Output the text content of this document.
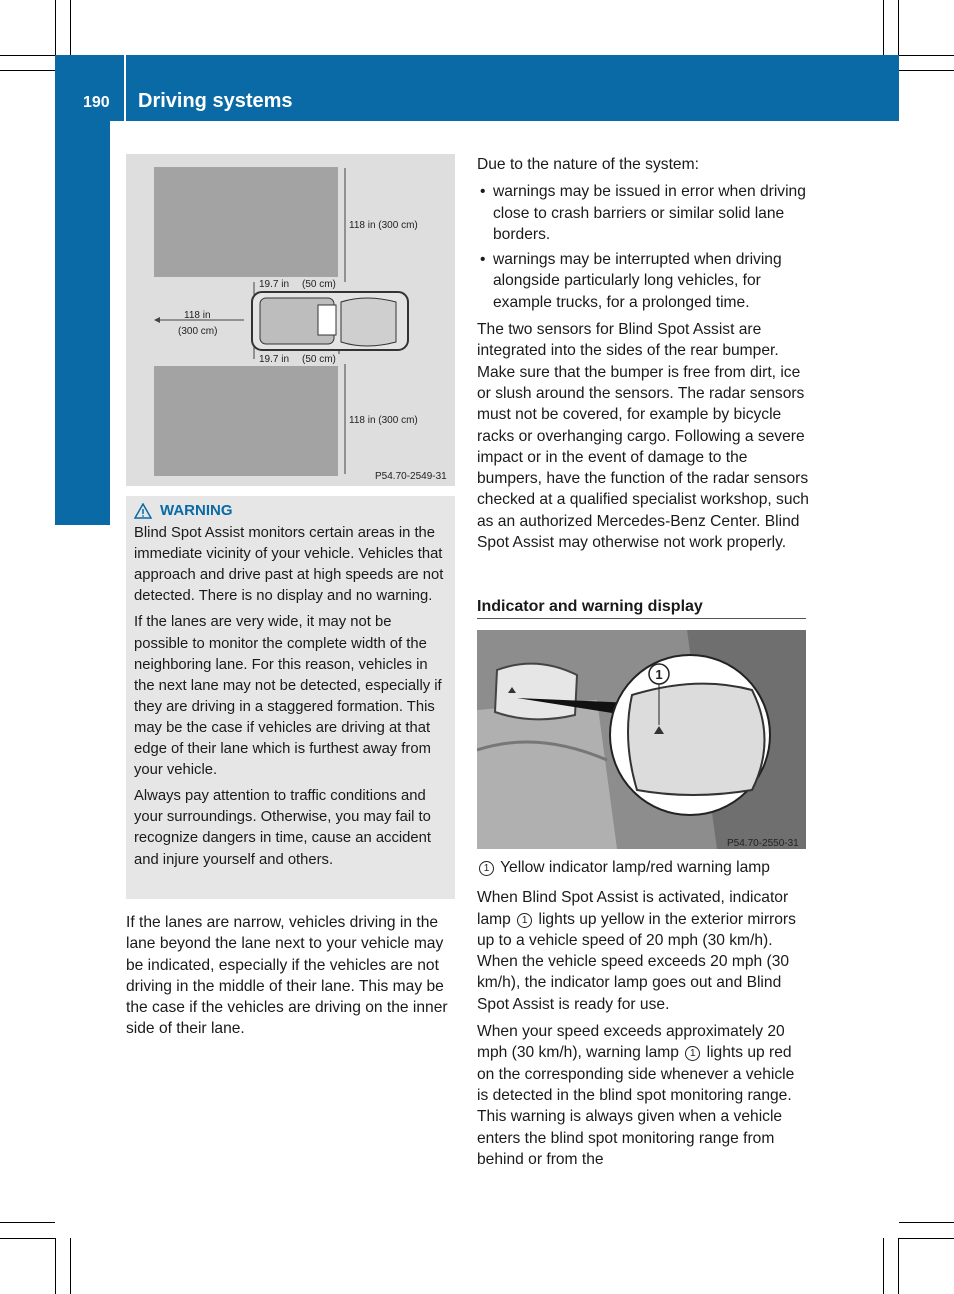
190 Driving systems
Driving and parking
118 in (300 cm)
118 in (300 cm)
19.7 in (50 cm)
19.7 in (50 cm)
118 in
(300 cm)
P54.70-2549-31
WARNING

Blind Spot Assist monitors certain areas in the immediate vicinity of your vehicle. Vehicles that approach and drive past at high speeds are not detected. There is no display and no warning.

If the lanes are very wide, it may not be possible to monitor the complete width of the neighboring lane. For this reason, vehicles in the next lane may not be detected, especially if they are driving in a staggered formation. This may be the case if vehicles are driving at that edge of their lane which is furthest away from your vehicle.

Always pay attention to traffic conditions and your surroundings. Otherwise, you may fail to recognize dangers in time, cause an accident and injure yourself and others.

If the lanes are narrow, vehicles driving in the lane beyond the lane next to your vehicle may be indicated, especially if the vehicles are not driving in the middle of their lane. This may be the case if the vehicles are driving on the inner side of their lane.

Due to the nature of the system:

• warnings may be issued in error when driving close to crash barriers or similar solid lane borders.
• warnings may be interrupted when driving alongside particularly long vehicles, for example trucks, for a prolonged time.

The two sensors for Blind Spot Assist are integrated into the sides of the rear bumper. Make sure that the bumper is free from dirt, ice or slush around the sensors. The radar sensors must not be covered, for example by bicycle racks or overhanging cargo. Following a severe impact or in the event of damage to the bumpers, have the function of the radar sensors checked at a qualified specialist workshop, such as an authorized Mercedes-Benz Center. Blind Spot Assist may otherwise not work properly.

Indicator and warning display
1
P54.70-2550-31

1 Yellow indicator lamp/red warning lamp

When Blind Spot Assist is activated, indicator lamp 1 lights up yellow in the exterior mirrors up to a vehicle speed of 20 mph (30 km/h). When the vehicle speed exceeds 20 mph (30 km/h), the indicator lamp goes out and Blind Spot Assist is ready for use.

When your speed exceeds approximately 20 mph (30 km/h), warning lamp 1 lights up red on the corresponding side whenever a vehicle is detected in the blind spot monitoring range. This warning is always given when a vehicle enters the blind spot monitoring range from behind or from the
